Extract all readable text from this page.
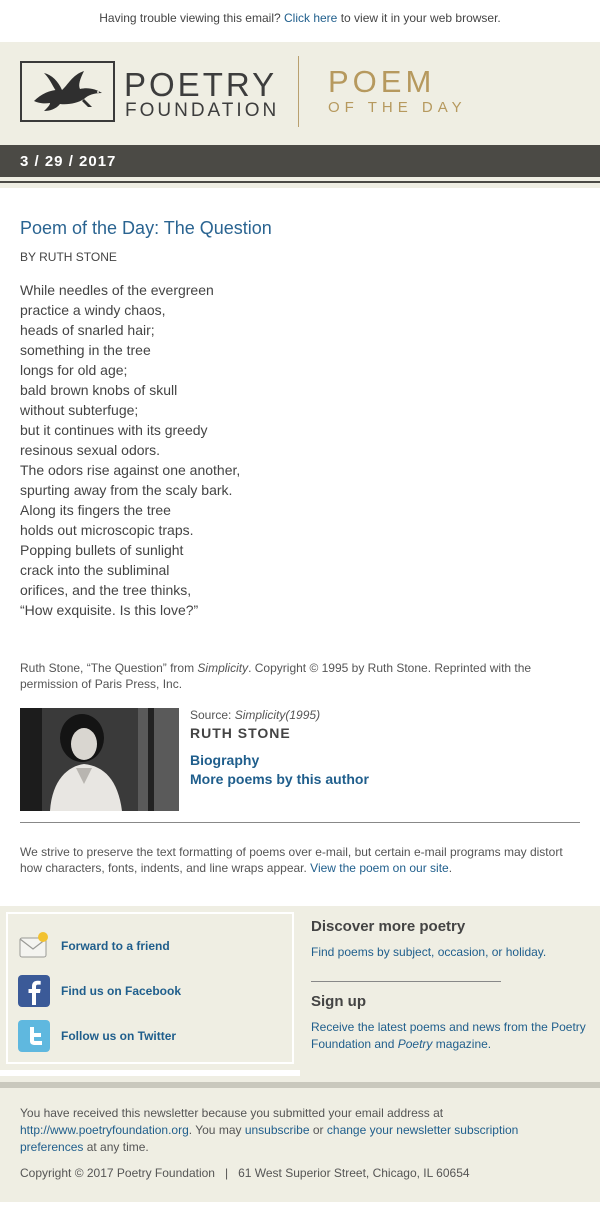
Having trouble viewing this email? Click here to view it in your web browser.
POETRY
FOUNDATION
POEM
OF THE DAY
3 / 29 / 2017
Poem of the Day: The Question
BY RUTH STONE
While needles of the evergreen
practice a windy chaos,
heads of snarled hair;
something in the tree
longs for old age;
bald brown knobs of skull
without subterfuge;
but it continues with its greedy
resinous sexual odors.
The odors rise against one another,
spurting away from the scaly bark.
Along its fingers the tree
holds out microscopic traps.
Popping bullets of sunlight
crack into the subliminal
orifices, and the tree thinks,
“How exquisite. Is this love?”
Ruth Stone, “The Question” from Simplicity. Copyright © 1995 by Ruth Stone. Reprinted with the permission of Paris Press, Inc.
Source: Simplicity(1995)
RUTH STONE
Biography
More poems by this author
We strive to preserve the text formatting of poems over e-mail, but certain e-mail programs may distort how characters, fonts, indents, and line wraps appear. View the poem on our site.
Forward to a friend
Find us on Facebook
Follow us on Twitter
Discover more poetry
Find poems by subject, occasion, or holiday.
Sign up
Receive the latest poems and news from the Poetry Foundation and Poetry magazine.
You have received this newsletter because you submitted your email address at http://www.poetryfoundation.org. You may unsubscribe or change your newsletter subscription preferences at any time.
Copyright © 2017 Poetry Foundation   |   61 West Superior Street, Chicago, IL 60654
